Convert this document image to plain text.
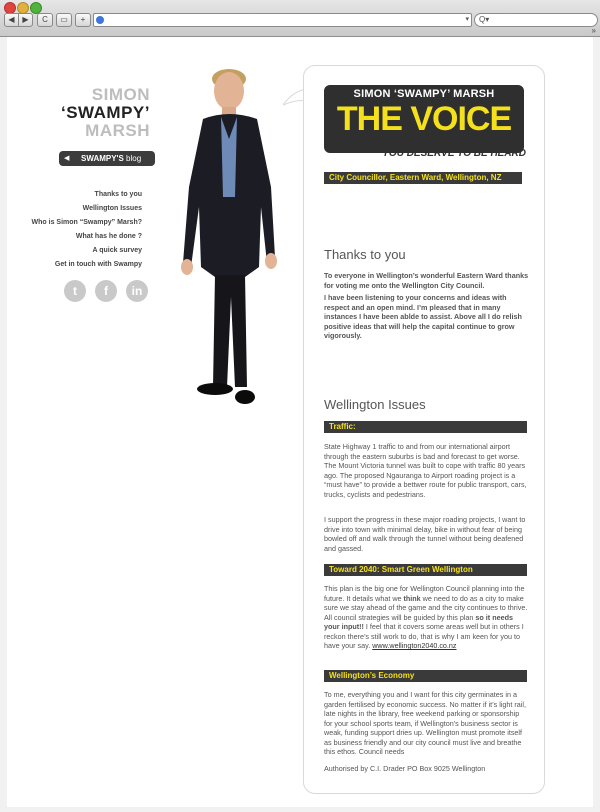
◀ ▶	C	▭	+	▾ Q▾
»
SIMON
‘SWAMPY’
MARSH
◀ SWAMPY'S blog
Thanks to you
Wellington Issues
Who is Simon “Swampy” Marsh?
What has he done ?
A quick survey
Get in touch with Swampy
t	f	in
SIMON ‘SWAMPY’ MARSH
THE VOICE
YOU DESERVE TO BE HEARD
City Councillor, Eastern Ward, Wellington, NZ
Thanks to you
To everyone in Wellington’s wonderful Eastern Ward thanks for voting me onto the Wellington City Council.
I have been listening to your concerns and ideas with respect and an open mind. I’m pleased that in many instances I have been ablde to assist. Above all I do relish positive ideas that will help the capital continue to grow vigorously.
Wellington Issues
Traffic:
State Highway 1 traffic to and from our international airport through the eastern suburbs is bad and forecast to get worse. The Mount Victoria tunnel was built to cope with traffic 80 years ago. The proposed Ngauranga to Airport roading project is a “must have” to provide a bettwer route for public transport, cars, trucks, cyclists and pedestrians.
I support the progress in these major roading projects, I want to drive into town with minimal delay, bike in without fear of being bowled off and walk through the tunnel without being deafened and gassed.
Toward 2040: Smart Green Wellington
This plan is the big one for Wellington Council planning into the future. It details what we think we need to do as a city to make sure we stay ahead of the game and the city continues to thrive. All council strategies will be guided by this plan so it needs your input!! I feel that it covers some areas well but in others I reckon there’s still work to do, that is why I am keen for you to have your say. www.wellington2040.co.nz
Wellington’s Economy
To me, everything you and I want for this city germinates in a garden fertilised by economic success. No matter if it’s light rail, late nights in the library, free weekend parking or sponsorship for your school sports team, if Wellington’s business sector is weak, funding support dries up. Wellington must promote itself as business friendly and our city council must live and breathe this ethos. Council needs
Authorised by C.I. Drader PO Box 9025 Wellington
